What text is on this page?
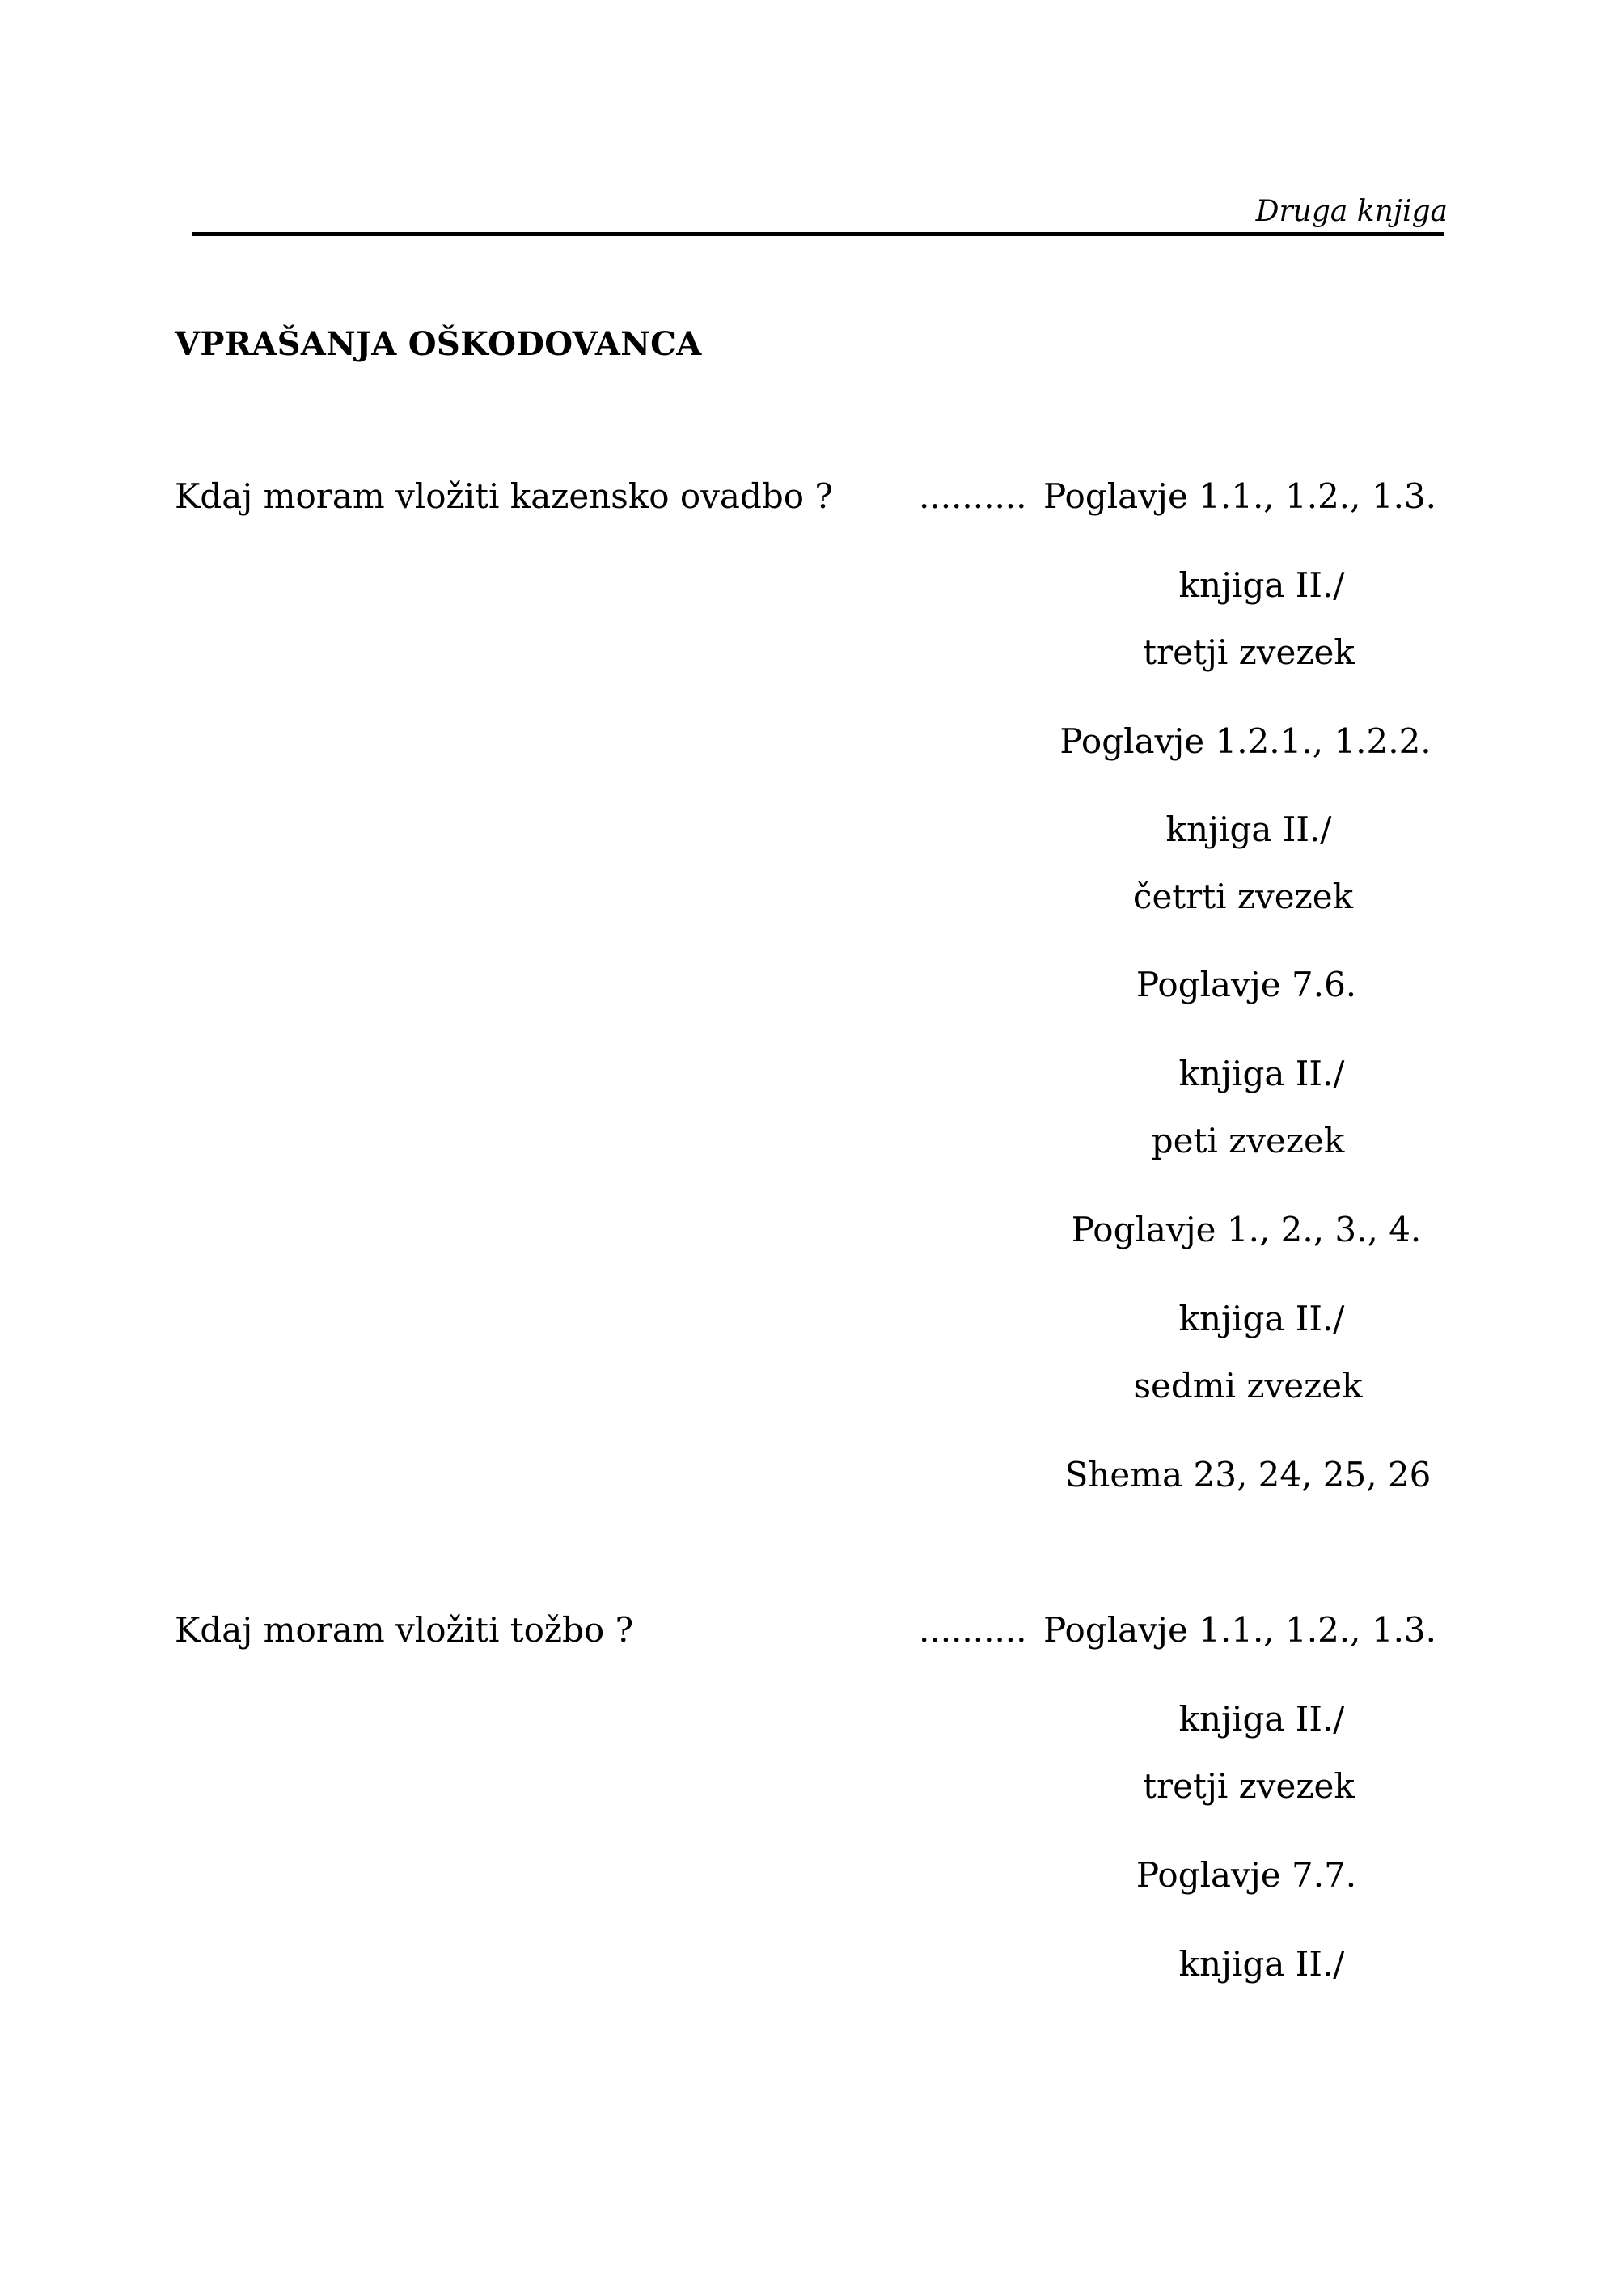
Druga knjiga
VPRAŠANJA OŠKODOVANCA
Kdaj moram vložiti kazensko ovadbo ?	.......... Poglavje 1.1., 1.2., 1.3.
knjiga II./
tretji zvezek
Poglavje 1.2.1., 1.2.2.
knjiga II./
četrti zvezek
Poglavje 7.6.
knjiga II./
peti zvezek
Poglavje 1., 2., 3., 4.
knjiga II./
sedmi zvezek
Shema 23, 24, 25, 26
Kdaj moram vložiti tožbo ?	.......... Poglavje 1.1., 1.2., 1.3.
knjiga II./
tretji zvezek
Poglavje 7.7.
knjiga II./
